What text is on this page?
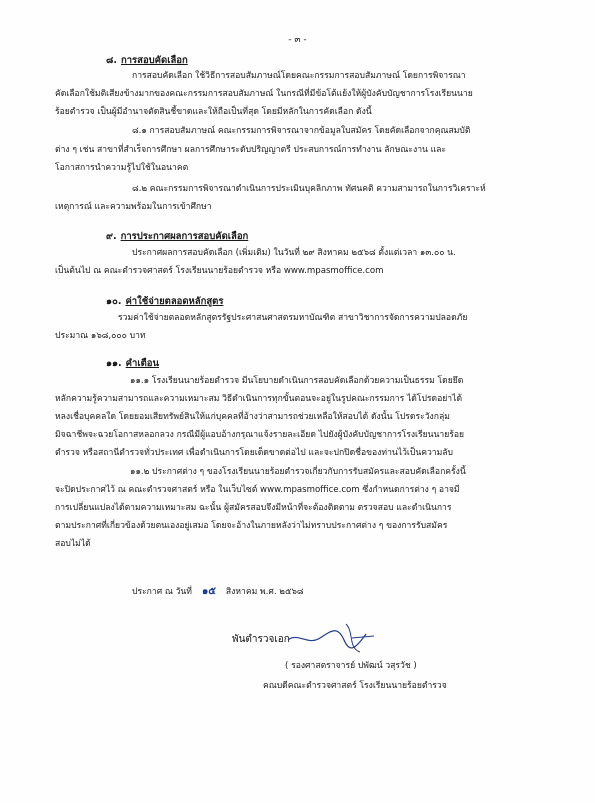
- ๓ -
๘. การสอบคัดเลือก
การสอบคัดเลือก ใช้วิธีการสอบสัมภาษณ์โดยคณะกรรมการสอบสัมภาษณ์ โดยการพิจารณา
คัดเลือกใช้มติเสียงข้างมากของคณะกรรมการสอบสัมภาษณ์ ในกรณีที่มีข้อโต้แย้งให้ผู้บังคับบัญชาการโรงเรียนนาย
ร้อยตำรวจ เป็นผู้มีอำนาจตัดสินชี้ขาดและให้ถือเป็นที่สุด โดยมีหลักในการคัดเลือก ดังนี้
๘.๑ การสอบสัมภาษณ์ คณะกรรมการพิจารณาจากข้อมูลใบสมัคร โดยคัดเลือกจากคุณสมบัติ
ต่าง ๆ เช่น สาขาที่สำเร็จการศึกษา ผลการศึกษาระดับปริญญาตรี ประสบการณ์การทำงาน ลักษณะงาน และ
โอกาสการนำความรู้ไปใช้ในอนาคต
๘.๒ คณะกรรมการพิจารณาดำเนินการประเมินบุคลิกภาพ ทัศนคติ ความสามารถในการวิเคราะห์
เหตุการณ์ และความพร้อมในการเข้าศึกษา
๙. การประกาศผลการสอบคัดเลือก
ประกาศผลการสอบคัดเลือก (เพิ่มเติม) ในวันที่ ๒๙ สิงหาคม ๒๕๖๘ ตั้งแต่เวลา ๑๓.๐๐ น.
เป็นต้นไป ณ คณะตำรวจศาสตร์ โรงเรียนนายร้อยตำรวจ หรือ www.mpasmoffice.com
๑๐. ค่าใช้จ่ายตลอดหลักสูตร
รวมค่าใช้จ่ายตลอดหลักสูตรรัฐประศาสนศาสตรมหาบัณฑิต สาขาวิชาการจัดการความปลอดภัย
ประมาณ ๑๖๘,๐๐๐ บาท
๑๑. คำเตือน
๑๑.๑ โรงเรียนนายร้อยตำรวจ มีนโยบายดำเนินการสอบคัดเลือกด้วยความเป็นธรรม โดยยึด
หลักความรู้ความสามารถและความเหมาะสม วิธีดำเนินการทุกขั้นตอนจะอยู่ในรูปคณะกรรมการ ได้โปรดอย่าได้
หลงเชื่อบุคคลใด โดยยอมเสียทรัพย์สินให้แก่บุคคลที่อ้างว่าสามารถช่วยเหลือให้สอบได้ ดังนั้น โปรดระวังกลุ่ม
มิจฉาชีพจะฉวยโอกาสหลอกลวง กรณีมีผู้แอบอ้างกรุณาแจ้งรายละเอียด ไปยังผู้บังคับบัญชาการโรงเรียนนายร้อย
ตำรวจ หรือสถานีตำรวจทั่วประเทศ เพื่อดำเนินการโดยเด็ดขาดต่อไป และจะปกปิดชื่อของท่านไว้เป็นความลับ
๑๑.๒ ประกาศต่าง ๆ ของโรงเรียนนายร้อยตำรวจเกี่ยวกับการรับสมัครและสอบคัดเลือกครั้งนี้
จะปิดประกาศไว้ ณ คณะตำรวจศาสตร์ หรือ ในเว็บไซต์ www.mpasmoffice.com ซึ่งกำหนดการต่าง ๆ อาจมี
การเปลี่ยนแปลงได้ตามความเหมาะสม ฉะนั้น ผู้สมัครสอบจึงมีหน้าที่จะต้องติดตาม ตรวจสอบ และดำเนินการ
ตามประกาศที่เกี่ยวข้องด้วยตนเองอยู่เสมอ โดยจะอ้างในภายหลังว่าไม่ทราบประกาศต่าง ๆ ของการรับสมัคร
สอบไม่ได้
ประกาศ ณ วันที่ ๑๕ สิงหาคม พ.ศ. ๒๕๖๘
พันตำรวจเอก
( รองศาสตราจารย์ ปพัฒน์ วสุรวัช )
คณบดีคณะตำรวจศาสตร์ โรงเรียนนายร้อยตำรวจ
